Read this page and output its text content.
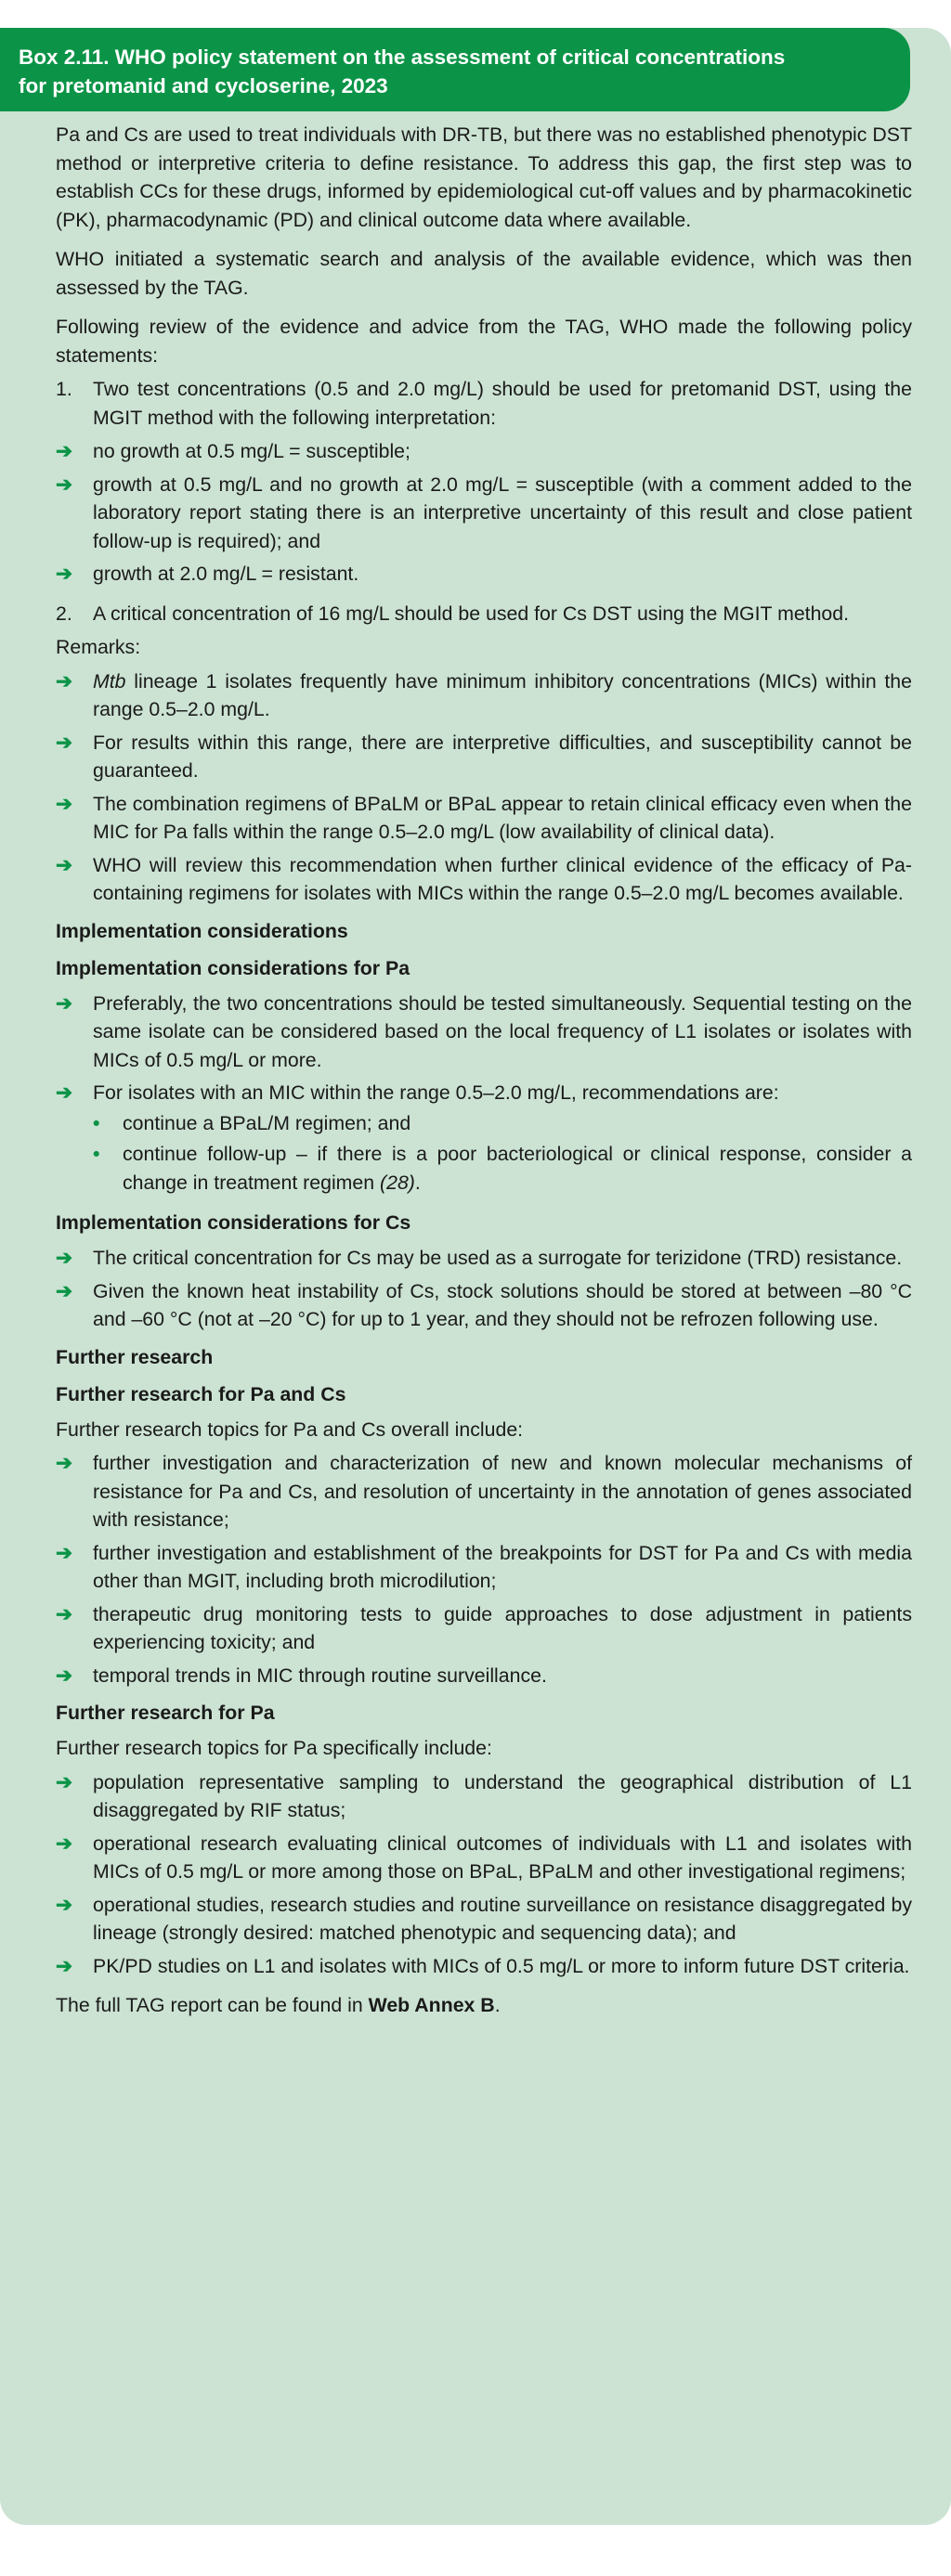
Box 2.11. WHO policy statement on the assessment of critical concentrations
for pretomanid and cycloserine, 2023

Pa and Cs are used to treat individuals with DR-TB, but there was no established phenotypic DST method or interpretive criteria to define resistance. To address this gap, the first step was to establish CCs for these drugs, informed by epidemiological cut-off values and by pharmacokinetic (PK), pharmacodynamic (PD) and clinical outcome data where available.

WHO initiated a systematic search and analysis of the available evidence, which was then assessed by the TAG.

Following review of the evidence and advice from the TAG, WHO made the following policy statements:

1.	Two test concentrations (0.5 and 2.0 mg/L) should be used for pretomanid DST, using the MGIT method with the following interpretation:
➔	no growth at 0.5 mg/L = susceptible;
➔	growth at 0.5 mg/L and no growth at 2.0 mg/L = susceptible (with a comment added to the laboratory report stating there is an interpretive uncertainty of this result and close patient follow-up is required); and
➔	growth at 2.0 mg/L = resistant.
2.	A critical concentration of 16 mg/L should be used for Cs DST using the MGIT method.

Remarks:

➔	Mtb lineage 1 isolates frequently have minimum inhibitory concentrations (MICs) within the range 0.5–2.0 mg/L.
➔	For results within this range, there are interpretive difficulties, and susceptibility cannot be guaranteed.
➔	The combination regimens of BPaLM or BPaL appear to retain clinical efficacy even when the MIC for Pa falls within the range 0.5–2.0 mg/L (low availability of clinical data).
➔	WHO will review this recommendation when further clinical evidence of the efficacy of Pa-containing regimens for isolates with MICs within the range 0.5–2.0 mg/L becomes available.
Implementation considerations
Implementation considerations for Pa
➔	Preferably, the two concentrations should be tested simultaneously. Sequential testing on the same isolate can be considered based on the local frequency of L1 isolates or isolates with MICs of 0.5 mg/L or more.
➔	For isolates with an MIC within the range 0.5–2.0 mg/L, recommendations are:
•	continue a BPaL/M regimen; and
•	continue follow-up – if there is a poor bacteriological or clinical response, consider a change in treatment regimen (28).
Implementation considerations for Cs
➔	The critical concentration for Cs may be used as a surrogate for terizidone (TRD) resistance.
➔	Given the known heat instability of Cs, stock solutions should be stored at between –80 °C and –60 °C (not at –20 °C) for up to 1 year, and they should not be refrozen following use.
Further research
Further research for Pa and Cs

Further research topics for Pa and Cs overall include:

➔	further investigation and characterization of new and known molecular mechanisms of resistance for Pa and Cs, and resolution of uncertainty in the annotation of genes associated with resistance;
➔	further investigation and establishment of the breakpoints for DST for Pa and Cs with media other than MGIT, including broth microdilution;
➔	therapeutic drug monitoring tests to guide approaches to dose adjustment in patients experiencing toxicity; and
➔	temporal trends in MIC through routine surveillance.
Further research for Pa

Further research topics for Pa specifically include:

➔	population representative sampling to understand the geographical distribution of L1 disaggregated by RIF status;
➔	operational research evaluating clinical outcomes of individuals with L1 and isolates with MICs of 0.5 mg/L or more among those on BPaL, BPaLM and other investigational regimens;
➔	operational studies, research studies and routine surveillance on resistance disaggregated by lineage (strongly desired: matched phenotypic and sequencing data); and
➔	PK/PD studies on L1 and isolates with MICs of 0.5 mg/L or more to inform future DST criteria.

The full TAG report can be found in Web Annex B.
